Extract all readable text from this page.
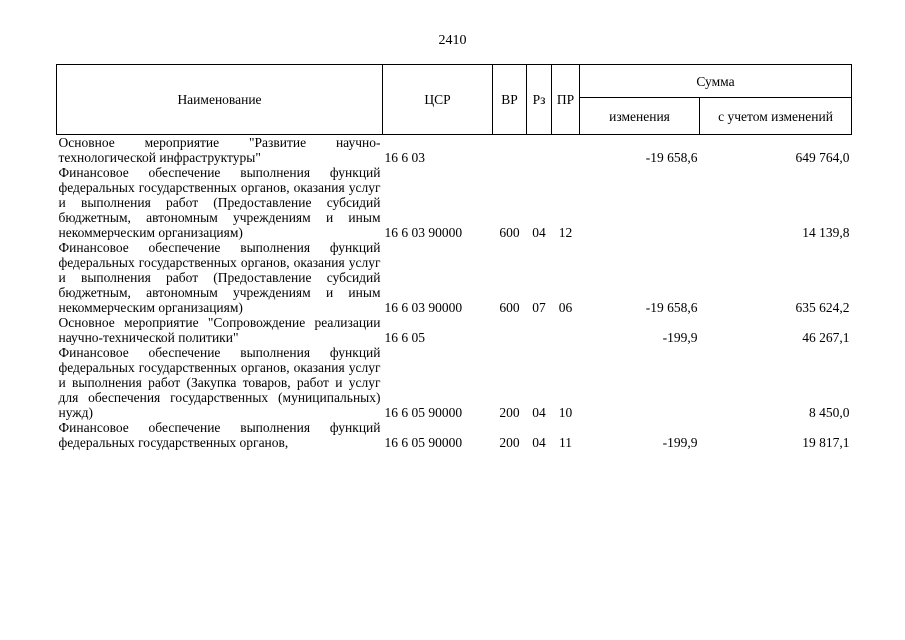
2410
Наименование	ЦСР	ВР	Рз	ПР	Сумма	
					изменения	с учетом изменений

Основное мероприятие "Развитие научно-технологической инфраструктуры"	16 6 03				-19 658,6	649 764,0

Финансовое обеспечение выполнения функций федеральных государственных органов, оказания услуг и выполнения работ (Предоставление субсидий бюджетным, автономным учреждениям и иным некоммерческим организациям)	16 6 03 90000	600	04	12		14 139,8

Финансовое обеспечение выполнения функций федеральных государственных органов, оказания услуг и выполнения работ (Предоставление субсидий бюджетным, автономным учреждениям и иным некоммерческим организациям)	16 6 03 90000	600	07	06	-19 658,6	635 624,2

Основное мероприятие "Сопровождение реализации научно-технической политики"	16 6 05				-199,9	46 267,1

Финансовое обеспечение выполнения функций федеральных государственных органов, оказания услуг и выполнения работ (Закупка товаров, работ и услуг для обеспечения государственных (муниципальных) нужд)	16 6 05 90000	200	04	10		8 450,0

Финансовое обеспечение выполнения функций федеральных государственных органов,	16 6 05 90000	200	04	11	-199,9	19 817,1
